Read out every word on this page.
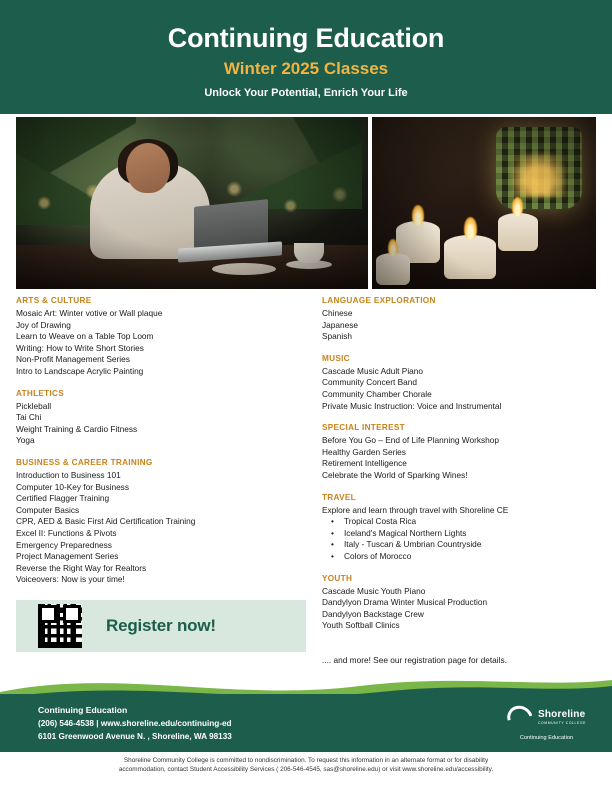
Continuing Education
Winter 2025 Classes
Unlock Your Potential, Enrich Your Life
ARTS & CULTURE
Mosaic Art: Winter votive or Wall plaque
Joy of Drawing
Learn to Weave on a Table Top Loom
Writing: How to Write Short Stories
Non-Profit Management Series
Intro to Landscape Acrylic Painting
ATHLETICS
Pickleball
Tai Chi
Weight Training & Cardio Fitness
Yoga
BUSINESS & CAREER TRAINING
Introduction to Business 101
Computer 10-Key for Business
Certified Flagger Training
Computer Basics
CPR, AED & Basic First Aid Certification Training
Excel II: Functions & Pivots
Emergency Preparedness
Project Management Series
Reverse the Right Way for Realtors
Voiceovers: Now is your time!
LANGUAGE EXPLORATION
Chinese
Japanese
Spanish
MUSIC
Cascade Music Adult Piano
Community Concert Band
Community Chamber Chorale
Private Music Instruction: Voice and Instrumental
SPECIAL INTEREST
Before You Go – End of Life Planning Workshop
Healthy Garden Series
Retirement Intelligence
Celebrate the World of Sparking Wines!
TRAVEL
Explore and learn through travel with Shoreline CE
• Tropical Costa Rica
• Iceland's Magical Northern Lights
• Italy - Tuscan & Umbrian Countryside
• Colors of Morocco
YOUTH
Cascade Music Youth Piano
Dandylyon Drama Winter Musical Production
Dandylyon Backstage Crew
Youth Softball Clinics
.... and more! See our registration page for details.
Register now!
Continuing Education
(206) 546-4538 | www.shoreline.edu/continuing-ed
6101 Greenwood Avenue N. , Shoreline, WA 98133
Shoreline
COMMUNITY COLLEGE
Continuing Education
Shoreline Community College is committed to nondiscrimination. To request this information in an alternate format or for disability
accommodation, contact Student Accessibility Services ( 206-546-4545, sas@shoreline.edu) or visit www.shoreline.edu/accessibility.
